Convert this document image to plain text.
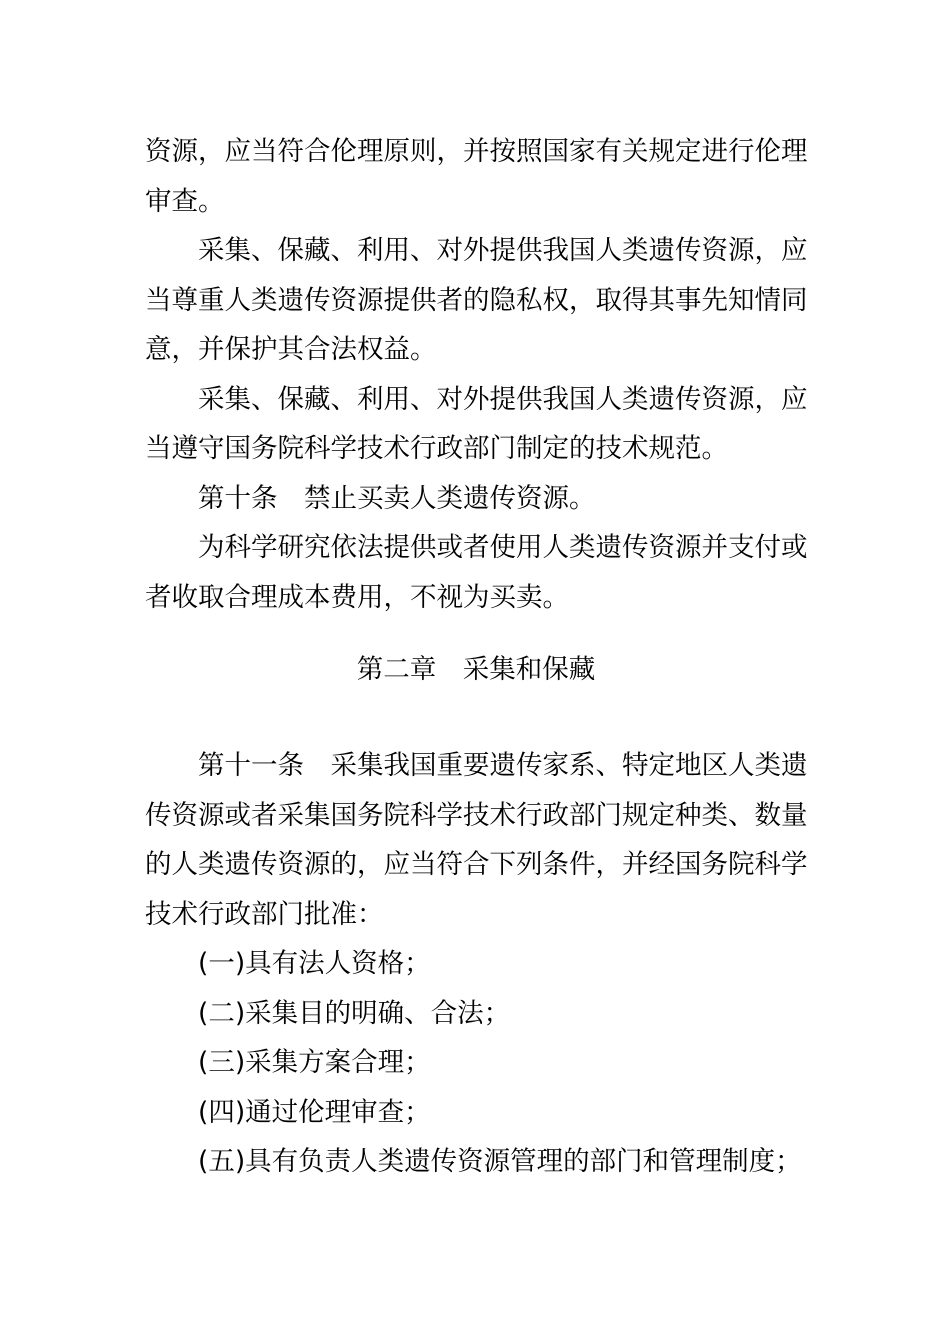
资源，应当符合伦理原则，并按照国家有关规定进行伦理
审查。

采集、保藏、利用、对外提供我国人类遗传资源，应
当尊重人类遗传资源提供者的隐私权，取得其事先知情同
意，并保护其合法权益。

采集、保藏、利用、对外提供我国人类遗传资源，应
当遵守国务院科学技术行政部门制定的技术规范。

第十条　禁止买卖人类遗传资源。

为科学研究依法提供或者使用人类遗传资源并支付或
者收取合理成本费用，不视为买卖。

第二章　采集和保藏

第十一条　采集我国重要遗传家系、特定地区人类遗
传资源或者采集国务院科学技术行政部门规定种类、数量
的人类遗传资源的，应当符合下列条件，并经国务院科学
技术行政部门批准：

(一)具有法人资格；

(二)采集目的明确、合法；

(三)采集方案合理；

(四)通过伦理审查；

(五)具有负责人类遗传资源管理的部门和管理制度；
